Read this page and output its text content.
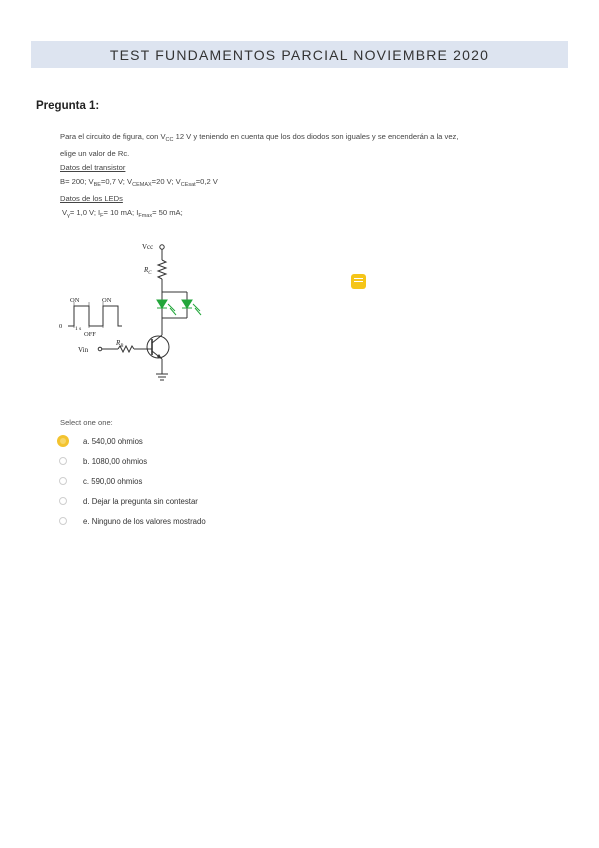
TEST FUNDAMENTOS PARCIAL NOVIEMBRE 2020
Pregunta 1:
Para el circuito de figura, con $V_{CC}$ 12 V y teniendo en cuenta que los dos diodos son iguales y se encenderán a la vez,
elige un valor de Rc.
Datos del transistor
B= 200; $V_{BE}=0,7$ V; $V_{CEMAX}=20$ V; $V_{CEsat}=0,2$ V
Datos de los LEDs
$V_\gamma= 1,0$ V; $I_F= 10$ mA; $I_{Fmax}= 50$ mA;
Vcc
$R_C$
$R_B$
Vin
ON	ON
OFF
0 1 s
Select one one:
a.
540,00 ohmios
b.
1080,00 ohmios
c.
590,00 ohmios
d.
Dejar la pregunta sin contestar
e.
Ninguno de los valores mostrado
